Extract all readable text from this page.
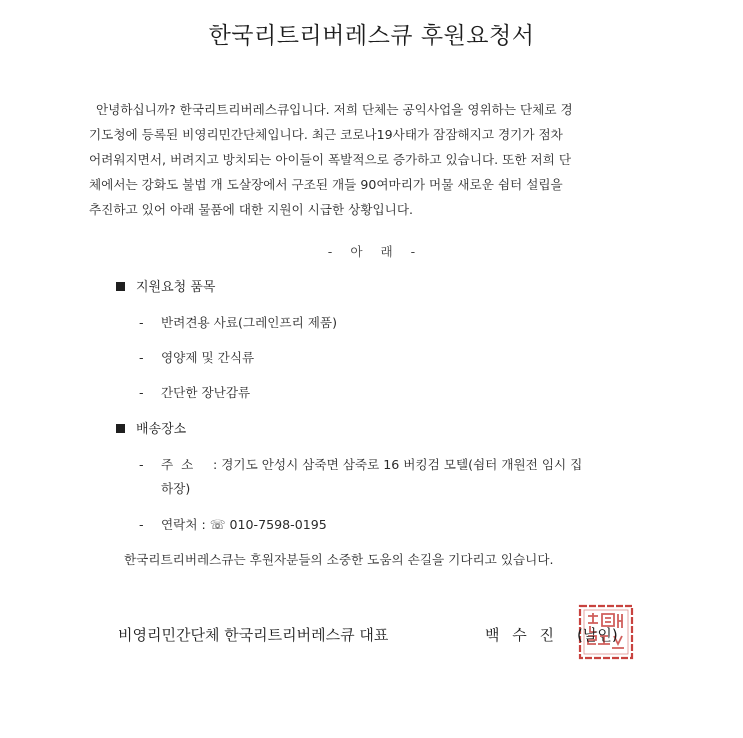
한국리트리버레스큐 후원요청서
안녕하십니까? 한국리트리버레스큐입니다. 저희 단체는 공익사업을 영위하는 단체로 경
기도청에 등록된 비영리민간단체입니다. 최근 코로나19사태가 잠잠해지고 경기가 점차
어려워지면서, 버려지고 방치되는 아이들이 폭발적으로 증가하고 있습니다. 또한 저희 단
체에서는 강화도 불법 개 도살장에서 구조된 개들 90여마리가 머물 새로운 쉼터 설립을
추진하고 있어 아래 물품에 대한 지원이 시급한 상황입니다.
- 아 래 -
지원요청 품목
- 반려견용 사료(그레인프리 제품)
- 영양제 및 간식류
- 간단한 장난감류
배송장소
- 주  소 : 경기도 안성시 삼죽면 삼죽로 16 버킹검 모텔(쉼터 개원전 임시 집
하장)
- 연락처 : ☏ 010-7598-0195
한국리트리버레스큐는 후원자분들의 소중한 도움의 손길을 기다리고 있습니다.
비영리민간단체 한국리트리버레스큐 대표	백 수 진 (날인)
